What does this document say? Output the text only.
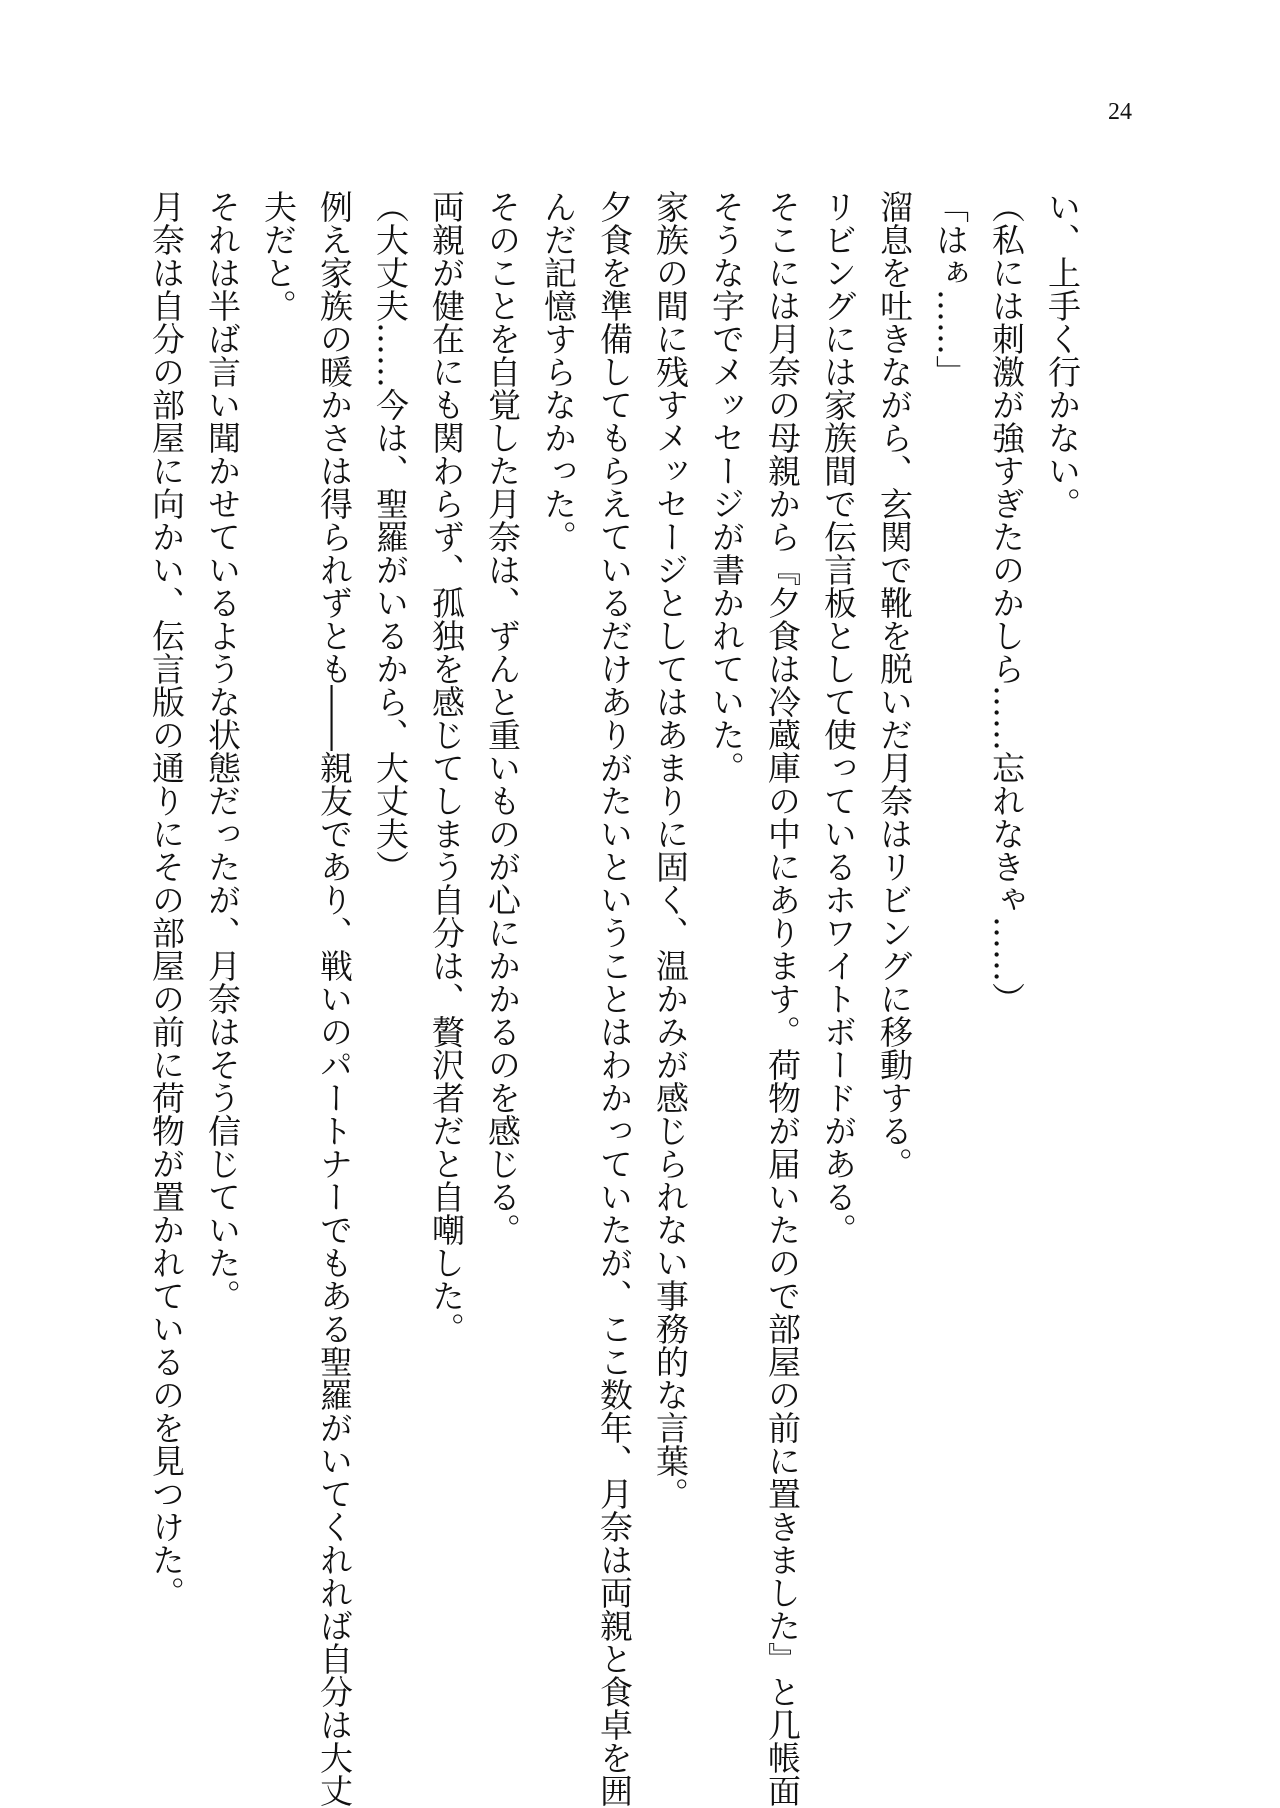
24

い、上手く行かない。

（私には刺激が強すぎたのかしら……忘れなきゃ……）

「はぁ……」

溜息を吐きながら、玄関で靴を脱いだ月奈はリビングに移動する。

リビングには家族間で伝言板として使っているホワイトボードがある。

そこには月奈の母親から『夕食は冷蔵庫の中にあります。荷物が届いたので部屋の前に置きました』と几帳面

そうな字でメッセージが書かれていた。

家族の間に残すメッセージとしてはあまりに固く、温かみが感じられない事務的な言葉。

夕食を準備してもらえているだけありがたいということはわかっていたが、ここ数年、月奈は両親と食卓を囲

んだ記憶すらなかった。

そのことを自覚した月奈は、ずんと重いものが心にかかるのを感じる。

両親が健在にも関わらず、孤独を感じてしまう自分は、贅沢者だと自嘲した。

（大丈夫……今は、聖羅がいるから、大丈夫）

例え家族の暖かさは得られずとも――親友であり、戦いのパートナーでもある聖羅がいてくれれば自分は大丈

夫だと。

それは半ば言い聞かせているような状態だったが、月奈はそう信じていた。

月奈は自分の部屋に向かい、伝言版の通りにその部屋の前に荷物が置かれているのを見つけた。
